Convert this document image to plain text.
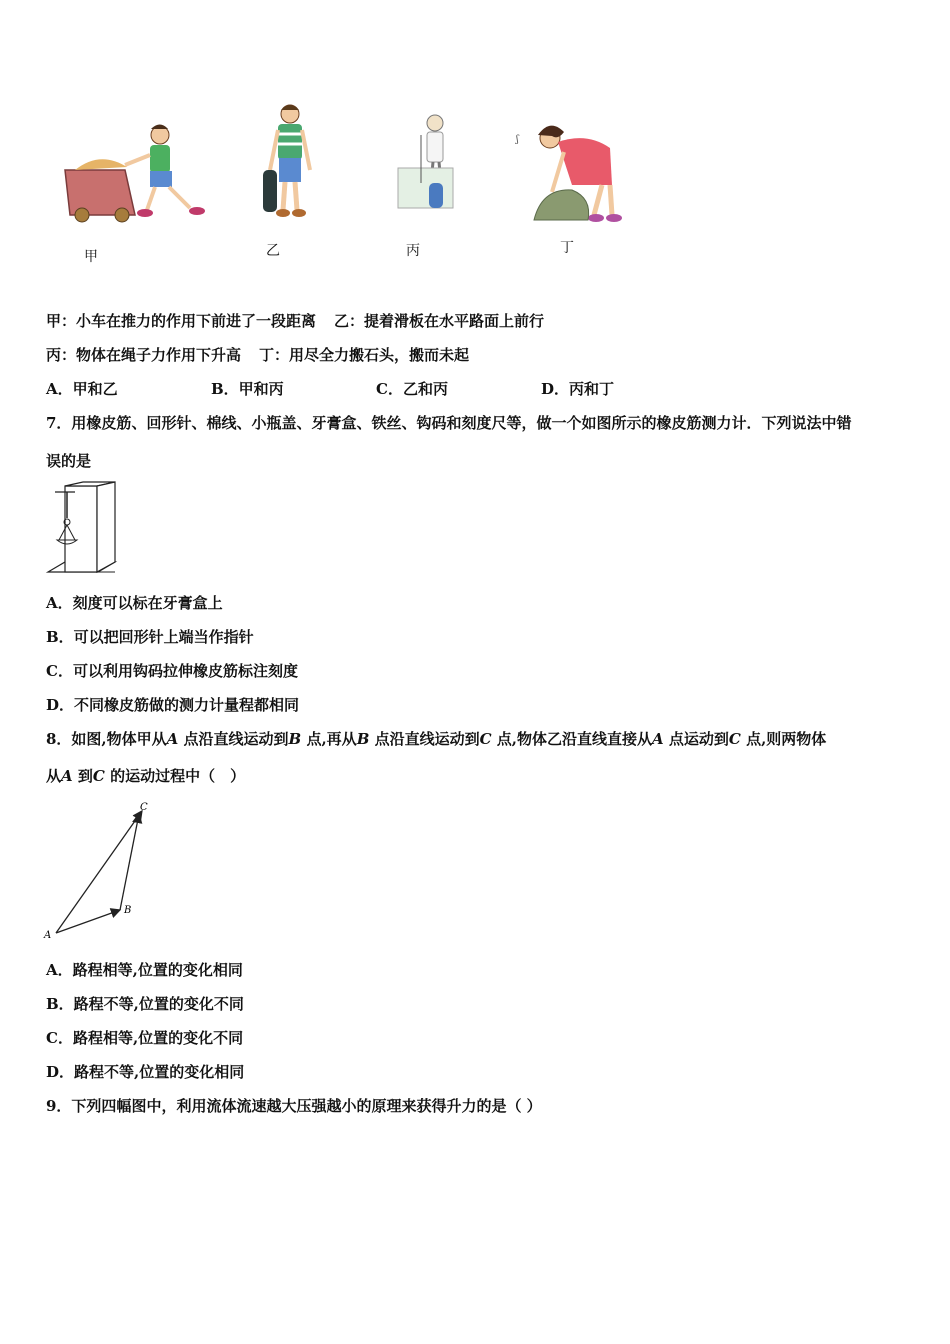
甲	乙	丙
ʃ
丁
甲：小车在推力的作用下前进了一段距离 乙：提着滑板在水平路面上前行
丙：物体在绳子力作用下升高 丁：用尽全力搬石头，搬而未起
A．甲和乙	B．甲和丙	C．乙和丙	D．丙和丁
7．用橡皮筋、回形针、棉线、小瓶盖、牙膏盒、铁丝、钩码和刻度尺等，做一个如图所示的橡皮筋测力计．下列说法中错
误的是
A．刻度可以标在牙膏盒上
B．可以把回形针上端当作指针
C．可以利用钩码拉伸橡皮筋标注刻度
D．不同橡皮筋做的测力计量程都相同
8．如图,物体甲从A 点沿直线运动到B 点,再从B 点沿直线运动到C 点,物体乙沿直线直接从A 点运动到C 点,则两物体
从A 到C 的运动过程中（　）
A
B
C
A．路程相等,位置的变化相同
B．路程不等,位置的变化不同
C．路程相等,位置的变化不同
D．路程不等,位置的变化相同
9．下列四幅图中，利用流体流速越大压强越小的原理来获得升力的是（ ）
